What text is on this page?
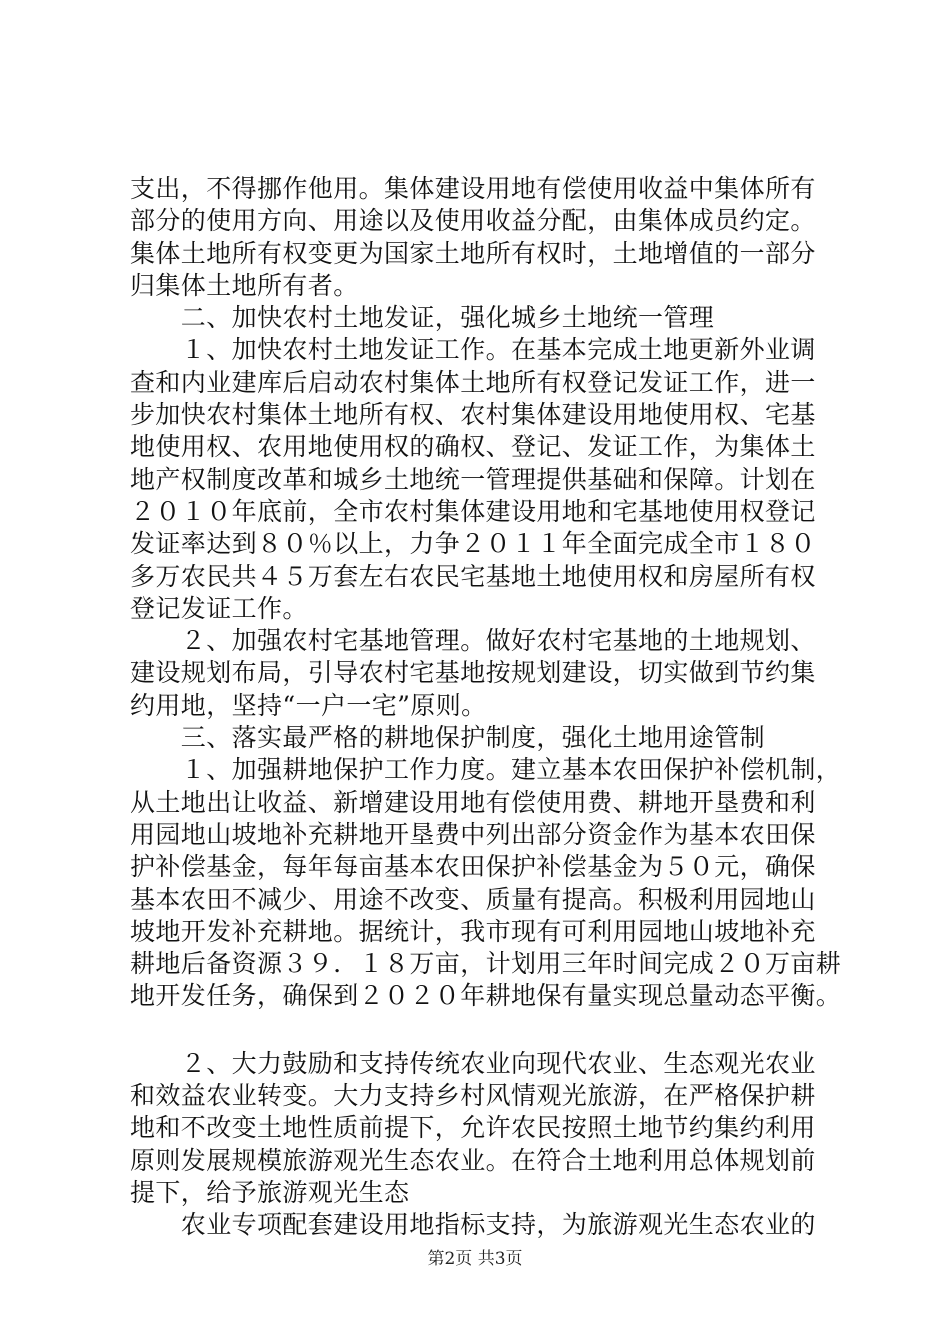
支出，不得挪作他用。集体建设用地有偿使用收益中集体所有
部分的使用方向、用途以及使用收益分配，由集体成员约定。
集体土地所有权变更为国家土地所有权时，土地增值的一部分
归集体土地所有者。
　　二、加快农村土地发证，强化城乡土地统一管理
　　１、加快农村土地发证工作。在基本完成土地更新外业调
查和内业建库后启动农村集体土地所有权登记发证工作，进一
步加快农村集体土地所有权、农村集体建设用地使用权、宅基
地使用权、农用地使用权的确权、登记、发证工作，为集体土
地产权制度改革和城乡土地统一管理提供基础和保障。计划在
２０１０年底前，全市农村集体建设用地和宅基地使用权登记
发证率达到８０％以上，力争２０１１年全面完成全市１８０
多万农民共４５万套左右农民宅基地土地使用权和房屋所有权
登记发证工作。
　　２、加强农村宅基地管理。做好农村宅基地的土地规划、
建设规划布局，引导农村宅基地按规划建设，切实做到节约集
约用地，坚持“一户一宅”原则。
　　三、落实最严格的耕地保护制度，强化土地用途管制
　　１、加强耕地保护工作力度。建立基本农田保护补偿机制，
从土地出让收益、新增建设用地有偿使用费、耕地开垦费和利
用园地山坡地补充耕地开垦费中列出部分资金作为基本农田保
护补偿基金，每年每亩基本农田保护补偿基金为５０元，确保
基本农田不减少、用途不改变、质量有提高。积极利用园地山
坡地开发补充耕地。据统计，我市现有可利用园地山坡地补充
耕地后备资源３９．１８万亩，计划用三年时间完成２０万亩耕
地开发任务，确保到２０２０年耕地保有量实现总量动态平衡。
　　２、大力鼓励和支持传统农业向现代农业、生态观光农业
和效益农业转变。大力支持乡村风情观光旅游，在严格保护耕
地和不改变土地性质前提下，允许农民按照土地节约集约利用
原则发展规模旅游观光生态农业。在符合土地利用总体规划前
提下，给予旅游观光生态
　　农业专项配套建设用地指标支持，为旅游观光生态农业的
第2页 共3页
